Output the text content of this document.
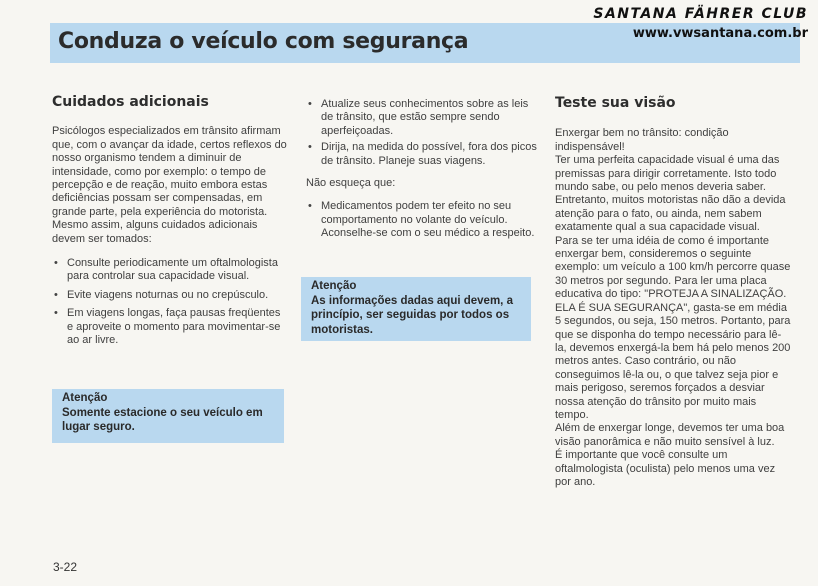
Conduza o veículo com segurança
SANTANA FÄHRER CLUB
www.vwsantana.com.br
Cuidados adicionais

Psicólogos especializados em trânsito afirmam que, com o avançar da idade, certos reflexos do nosso organismo tendem a diminuir de intensidade, como por exemplo: o tempo de percepção e de reação, muito embora estas deficiências possam ser compensadas, em grande parte, pela experiência do motorista. Mesmo assim, alguns cuidados adicionais devem ser tomados:

• Consulte periodicamente um oftalmologista para controlar sua capacidade visual.
• Evite viagens noturnas ou no crepúsculo.
• Em viagens longas, faça pausas freqüentes e aproveite o momento para movimentar-se ao ar livre.
Atenção
Somente estacione o seu veículo em lugar seguro.
• Atualize seus conhecimentos sobre as leis de trânsito, que estão sempre sendo aperfeiçoadas.
• Dirija, na medida do possível, fora dos picos de trânsito. Planeje suas viagens.

Não esqueça que:

• Medicamentos podem ter efeito no seu comportamento no volante do veículo. Aconselhe-se com o seu médico a respeito.
Atenção
As informações dadas aqui devem, a princípio, ser seguidas por todos os motoristas.
Teste sua visão

Enxergar bem no trânsito: condição indispensável!

Ter uma perfeita capacidade visual é uma das premissas para dirigir corretamente. Isto todo mundo sabe, ou pelo menos deveria saber. Entretanto, muitos motoristas não dão a devida atenção para o fato, ou ainda, nem sabem exatamente qual a sua capacidade visual.

Para se ter uma idéia de como é importante enxergar bem, consideremos o seguinte exemplo: um veículo a 100 km/h percorre quase 30 metros por segundo. Para ler uma placa educativa do tipo: "PROTEJA A SINALIZAÇÃO. ELA É SUA SEGURANÇA", gasta-se em média 5 segundos, ou seja, 150 metros. Portanto, para que se disponha do tempo necessário para lê-la, devemos enxergá-la bem há pelo menos 200 metros antes. Caso contrário, ou não conseguimos lê-la ou, o que talvez seja pior e mais perigoso, seremos forçados a desviar nossa atenção do trânsito por muito mais tempo.

Além de enxergar longe, devemos ter uma boa visão panorâmica e não muito sensível à luz.

É importante que você consulte um oftalmologista (oculista) pelo menos uma vez por ano.

3-22
